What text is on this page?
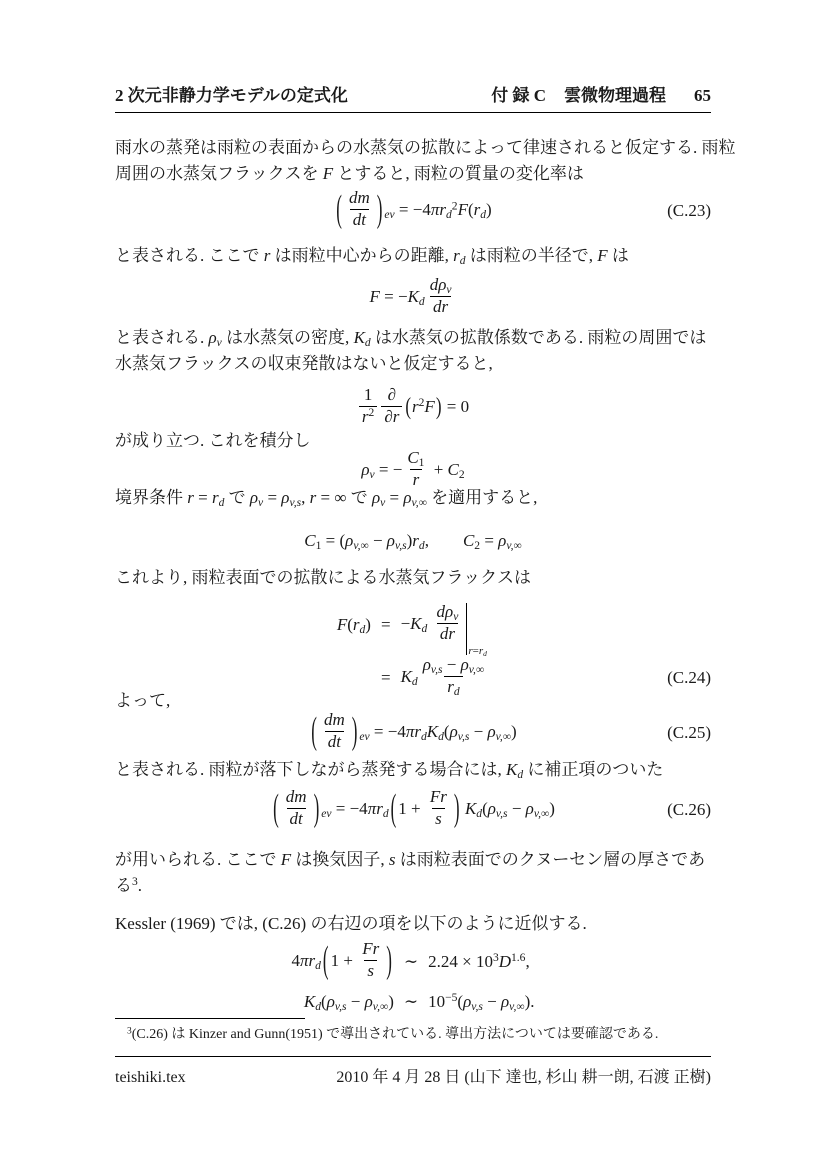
2 次元非静力学モデルの定式化	付 録 C 雲微物理過程 65
雨水の蒸発は雨粒の表面からの水蒸気の拡散によって律速されると仮定する. 雨粒
周囲の水蒸気フラックスを F とすると, 雨粒の質量の変化率は
( $\frac{dm}{dt}$ ) ev = −4πrd$^2$F(rd)	(C.23)
と表される. ここで r は雨粒中心からの距離, rd は雨粒の半径で, F は
$F = -Kd \frac{\text{dρv}}{dr}$
と表される. ρv は水蒸気の密度, Kd は水蒸気の拡散係数である. 雨粒の周囲では
水蒸気フラックスの収束発散はないと仮定すると,
$\frac{1}{r^2} \frac{\partial}{\partial r} (r^2F) = 0$
が成り立つ. これを積分し
ρv = − $\frac{C1}{r} + C2$
境界条件 r = rd で ρv = ρv,s, r = ∞ で ρv = ρv,∞ を適用すると,
C1 = (ρv,∞ − ρv,s)rd, C2 = ρv,∞
これより, 雨粒表面での拡散による水蒸気フラックスは
$F(rd) = -Kd \frac{\text{dρv}}{dr}$
r=rd
= Kd $\frac{\rho v,s - \rho v,\infty}{rd}$	(C.24)
よって,
( $\frac{dm}{dt}$ ) ev = −4πrdKd(ρv,s − ρv,∞)	(C.25)
と表される. 雨粒が落下しながら蒸発する場合には, Kd に補正項のついた
( $\frac{dm}{dt}$ ) ev = −4πrd ( $1 + \frac{Fr}{s}$ ) Kd(ρv,s − ρv,∞)	(C.26)
が用いられる. ここで F は換気因子, s は雨粒表面でのクヌーセン層の厚さであ
る$^3$.
Kessler (1969) では, (C.26) の右辺の項を以下のように近似する.
4πrd ( $1 + \frac{Fr}{s}$ ) ∼ $2.24 \times 10^3D^{1.6}$,
Kd(ρv,s − ρv,∞) ∼ $10^{-5}(\rho v,s - \rho v,\infty)$.
$^3$(C.26) は Kinzer and Gunn(1951) で導出されている. 導出方法については要確認である.
teishiki.tex	2010 年 4 月 28 日 (山下 達也, 杉山 耕一朗, 石渡 正樹)
